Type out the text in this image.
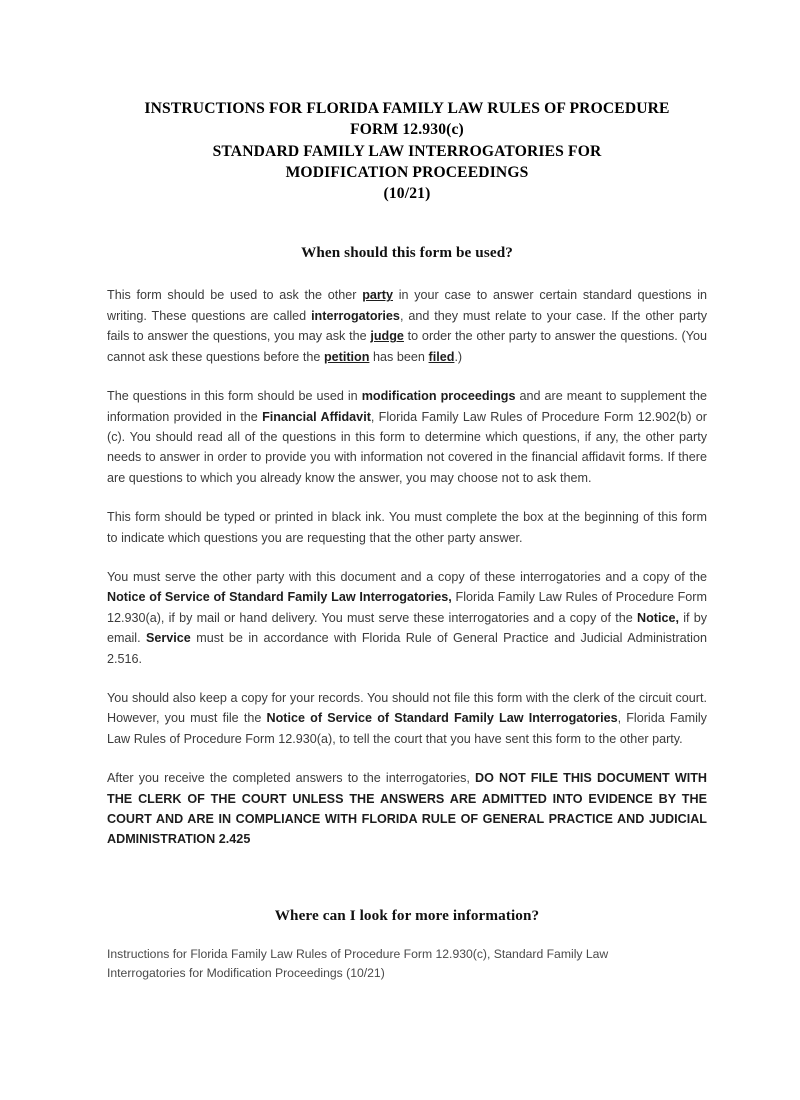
INSTRUCTIONS FOR FLORIDA FAMILY LAW RULES OF PROCEDURE
FORM 12.930(c)
STANDARD FAMILY LAW INTERROGATORIES FOR
MODIFICATION PROCEEDINGS
(10/21)
When should this form be used?

This form should be used to ask the other party in your case to answer certain standard questions in writing. These questions are called interrogatories, and they must relate to your case. If the other party fails to answer the questions, you may ask the judge to order the other party to answer the questions. (You cannot ask these questions before the petition has been filed.)

The questions in this form should be used in modification proceedings and are meant to supplement the information provided in the Financial Affidavit, Florida Family Law Rules of Procedure Form 12.902(b) or (c). You should read all of the questions in this form to determine which questions, if any, the other party needs to answer in order to provide you with information not covered in the financial affidavit forms. If there are questions to which you already know the answer, you may choose not to ask them.

This form should be typed or printed in black ink. You must complete the box at the beginning of this form to indicate which questions you are requesting that the other party answer.

You must serve the other party with this document and a copy of these interrogatories and a copy of the Notice of Service of Standard Family Law Interrogatories, Florida Family Law Rules of Procedure Form 12.930(a), if by mail or hand delivery. You must serve these interrogatories and a copy of the Notice, if by email. Service must be in accordance with Florida Rule of General Practice and Judicial Administration 2.516.

You should also keep a copy for your records. You should not file this form with the clerk of the circuit court. However, you must file the Notice of Service of Standard Family Law Interrogatories, Florida Family Law Rules of Procedure Form 12.930(a), to tell the court that you have sent this form to the other party.

After you receive the completed answers to the interrogatories, DO NOT FILE THIS DOCUMENT WITH THE CLERK OF THE COURT UNLESS THE ANSWERS ARE ADMITTED INTO EVIDENCE BY THE COURT AND ARE IN COMPLIANCE WITH FLORIDA RULE OF GENERAL PRACTICE AND JUDICIAL ADMINISTRATION 2.425

Where can I look for more information?

Instructions for Florida Family Law Rules of Procedure Form 12.930(c), Standard Family Law
Interrogatories for Modification Proceedings (10/21)
